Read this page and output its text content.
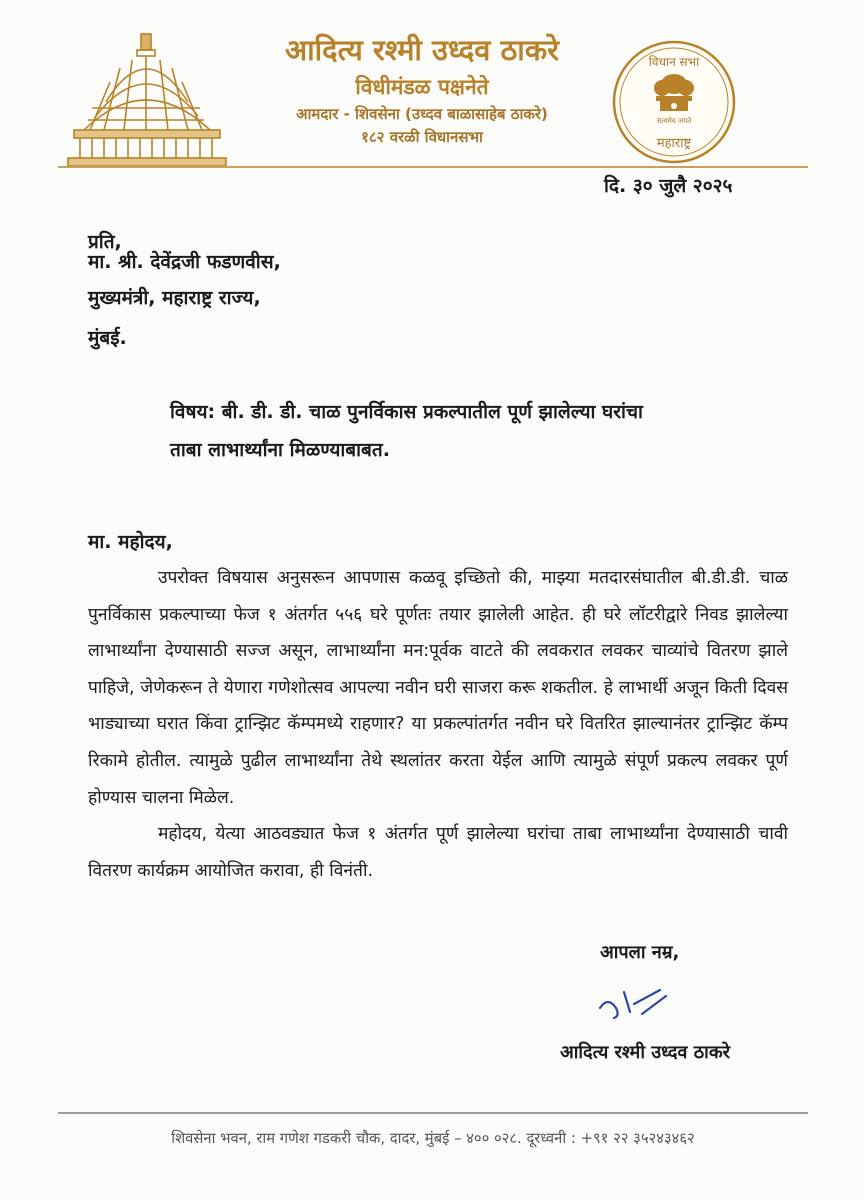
आदित्य रश्मी उध्दव ठाकरे
विधीमंडळ पक्षनेते
आमदार - शिवसेना (उध्दव बाळासाहेब ठाकरे)
१८२ वरळी विधानसभा
विधान सभा
सत्यमेव जयते
महाराष्ट्र
दि. ३० जुलै २०२५
प्रति,
मा. श्री. देवेंद्रजी फडणवीस,
मुख्यमंत्री, महाराष्ट्र राज्य,
मुंबई.
विषय: बी. डी. डी. चाळ पुनर्विकास प्रकल्पातील पूर्ण झालेल्या घरांचा
ताबा लाभार्थ्यांना मिळण्याबाबत.
मा. महोदय,

उपरोक्त विषयास अनुसरून आपणास कळवू इच्छितो की, माझ्या मतदारसंघातील बी.डी.डी. चाळ पुनर्विकास प्रकल्पाच्या फेज १ अंतर्गत ५५६ घरे पूर्णतः तयार झालेली आहेत. ही घरे लॉटरीद्वारे निवड झालेल्या लाभार्थ्यांना देण्यासाठी सज्ज असून, लाभार्थ्यांना मन:पूर्वक वाटते की लवकरात लवकर चाव्यांचे वितरण झाले पाहिजे, जेणेकरून ते येणारा गणेशोत्सव आपल्या नवीन घरी साजरा करू शकतील. हे लाभार्थी अजून किती दिवस भाड्याच्या घरात किंवा ट्रान्झिट कॅम्पमध्ये राहणार? या प्रकल्पांतर्गत नवीन घरे वितरित झाल्यानंतर ट्रान्झिट कॅम्प रिकामे होतील. त्यामुळे पुढील लाभार्थ्यांना तेथे स्थलांतर करता येईल आणि त्यामुळे संपूर्ण प्रकल्प लवकर पूर्ण होण्यास चालना मिळेल.

महोदय, येत्या आठवड्यात फेज १ अंतर्गत पूर्ण झालेल्या घरांचा ताबा लाभार्थ्यांना देण्यासाठी चावी वितरण कार्यक्रम आयोजित करावा, ही विनंती.

आपला नम्र,
आदित्य रश्मी उध्दव ठाकरे
शिवसेना भवन, राम गणेश गडकरी चौक, दादर, मुंबई – ४०० ०२८. दूरध्वनी : +९१ २२ ३५२४३४६२
